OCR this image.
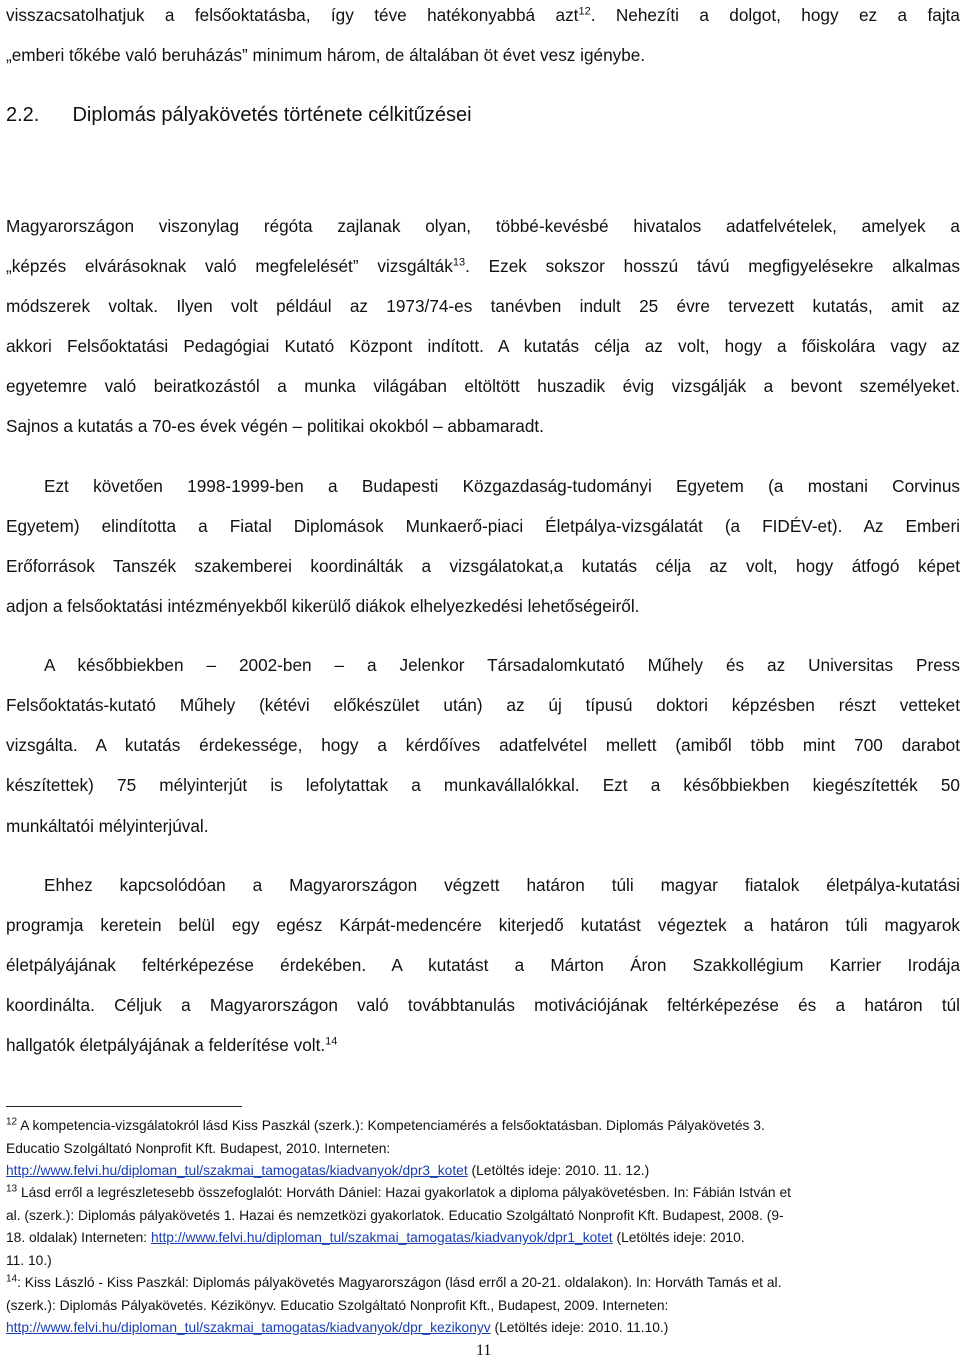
visszacsatolhatjuk a felsőoktatásba, így téve hatékonyabbá azt$^{12}$. Nehezíti a dolgot, hogy ez a fajta
„emberi tőkébe való beruházás” minimum három, de általában öt évet vesz igénybe.
2.2. Diplomás pályakövetés története célkitűzései
Magyarországon viszonylag régóta zajlanak olyan, többé-kevésbé hivatalos adatfelvételek, amelyek a
„képzés elvárásoknak való megfelelését” vizsgálták$^{13}$. Ezek sokszor hosszú távú megfigyelésekre alkalmas
módszerek voltak. Ilyen volt például az 1973/74-es tanévben indult 25 évre tervezett kutatás, amit az
akkori Felsőoktatási Pedagógiai Kutató Központ indított. A kutatás célja az volt, hogy a főiskolára vagy az
egyetemre való beiratkozástól a munka világában eltöltött huszadik évig vizsgálják a bevont személyeket.
Sajnos a kutatás a 70-es évek végén – politikai okokból – abbamaradt.
Ezt követően 1998-1999-ben a Budapesti Közgazdaság-tudományi Egyetem (a mostani Corvinus
Egyetem) elindította a Fiatal Diplomások Munkaerő-piaci Életpálya-vizsgálatát (a FIDÉV-et). Az Emberi
Erőforrások Tanszék szakemberei koordinálták a vizsgálatokat,a kutatás célja az volt, hogy átfogó képet
adjon a felsőoktatási intézményekből kikerülő diákok elhelyezkedési lehetőségeiről.
A későbbiekben – 2002-ben – a Jelenkor Társadalomkutató Műhely és az Universitas Press
Felsőoktatás-kutató Műhely (kétévi előkészület után) az új típusú doktori képzésben részt vetteket
vizsgálta. A kutatás érdekessége, hogy a kérdőíves adatfelvétel mellett (amiből több mint 700 darabot
készítettek) 75 mélyinterjút is lefolytattak a munkavállalókkal. Ezt a későbbiekben kiegészítették 50
munkáltatói mélyinterjúval.
Ehhez kapcsolódóan a Magyarországon végzett határon túli magyar fiatalok életpálya-kutatási
programja keretein belül egy egész Kárpát-medencére kiterjedő kutatást végeztek a határon túli magyarok
életpályájának feltérképezése érdekében. A kutatást a Márton Áron Szakkollégium Karrier Irodája
koordinálta. Céljuk a Magyarországon való továbbtanulás motivációjának feltérképezése és a határon túl
hallgatók életpályájának a felderítése volt.$^{14}$
$^{12}$ A kompetencia-vizsgálatokról lásd Kiss Paszkál (szerk.): Kompetenciamérés a felsőoktatásban. Diplomás Pályakövetés 3.
Educatio Szolgáltató Nonprofit Kft. Budapest, 2010. Interneten:
http://www.felvi.hu/diploman_tul/szakmai_tamogatas/kiadvanyok/dpr3_kotet (Letöltés ideje: 2010. 11. 12.)
$^{13}$ Lásd erről a legrészletesebb összefoglalót: Horváth Dániel: Hazai gyakorlatok a diploma pályakövetésben. In: Fábián István et
al. (szerk.): Diplomás pályakövetés 1. Hazai és nemzetközi gyakorlatok. Educatio Szolgáltató Nonprofit Kft. Budapest, 2008. (9-
18. oldalak) Interneten: http://www.felvi.hu/diploman_tul/szakmai_tamogatas/kiadvanyok/dpr1_kotet (Letöltés ideje: 2010.
11. 10.)
$^{14}$: Kiss László - Kiss Paszkál: Diplomás pályakövetés Magyarországon (lásd erről a 20-21. oldalakon). In: Horváth Tamás et al.
(szerk.): Diplomás Pályakövetés. Kézikönyv. Educatio Szolgáltató Nonprofit Kft., Budapest, 2009. Interneten:
http://www.felvi.hu/diploman_tul/szakmai_tamogatas/kiadvanyok/dpr_kezikonyv (Letöltés ideje: 2010. 11.10.)
11
